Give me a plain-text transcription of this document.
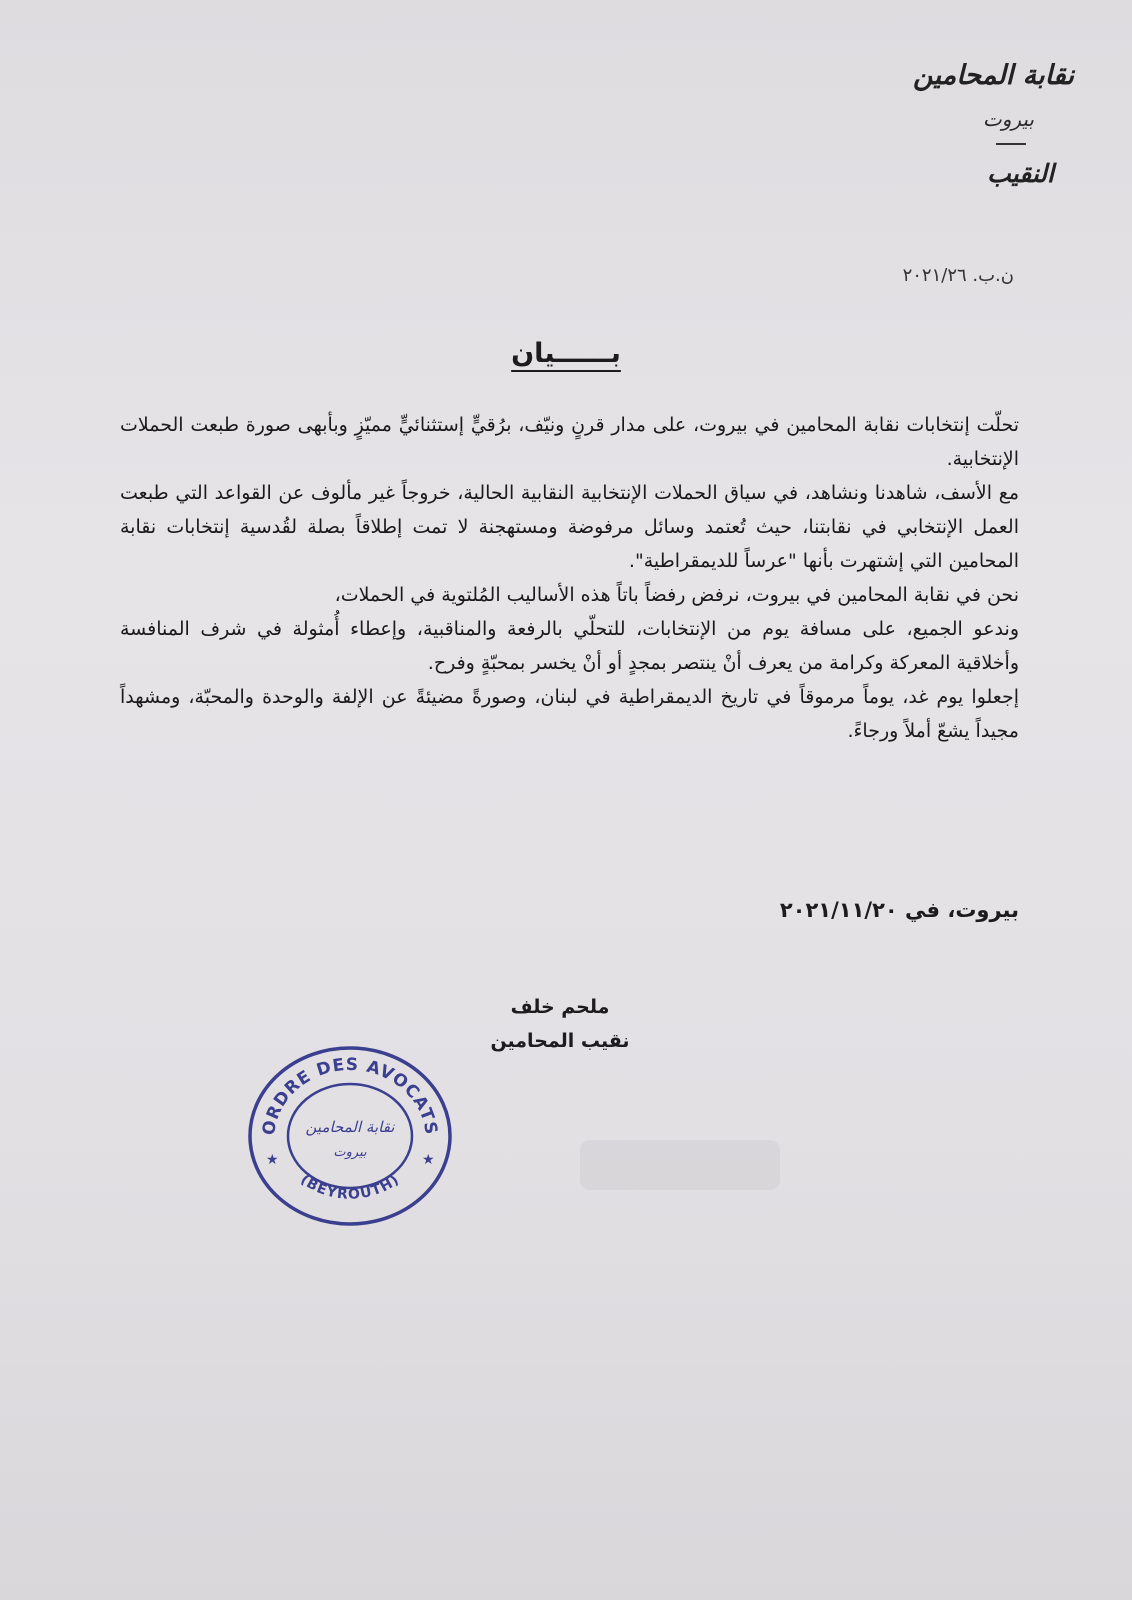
نقابة المحامين
بيروت
النقيب
ن.ب. ٢٠٢١/٢٦
بــــــيان

تحلّت إنتخابات نقابة المحامين في بيروت، على مدار قرنٍ ونيّف، برُقيٍّ إستثنائيٍّ مميّزٍ وبأبهى صورة طبعت الحملات الإنتخابية.

مع الأسف، شاهدنا ونشاهد، في سياق الحملات الإنتخابية النقابية الحالية، خروجاً غير مألوف عن القواعد التي طبعت العمل الإنتخابي في نقابتنا، حيث تُعتمد وسائل مرفوضة ومستهجنة لا تمت إطلاقاً بصلة لقُدسية إنتخابات نقابة المحامين التي إشتهرت بأنها "عرساً للديمقراطية".

نحن في نقابة المحامين في بيروت، نرفض رفضاً باتاً هذه الأساليب المُلتوية في الحملات،

وندعو الجميع، على مسافة يوم من الإنتخابات، للتحلّي بالرفعة والمناقبية، وإعطاء أُمثولة في شرف المنافسة وأخلاقية المعركة وكرامة من يعرف أنْ ينتصر بمجدٍ أو أنْ يخسر بمحبّةٍ وفرح.

إجعلوا يوم غد، يوماً مرموقاً في تاريخ الديمقراطية في لبنان، وصورةً مضيئةً عن الإلفة والوحدة والمحبّة، ومشهداً مجيداً يشعّ أملاً ورجاءً.

بيروت، في ٢٠٢١/١١/٢٠
ملحم خلف
نقيب المحامين
ORDRE DES AVOCATS
(BEYROUTH)
نقابة المحامين
بيروت
★	★
